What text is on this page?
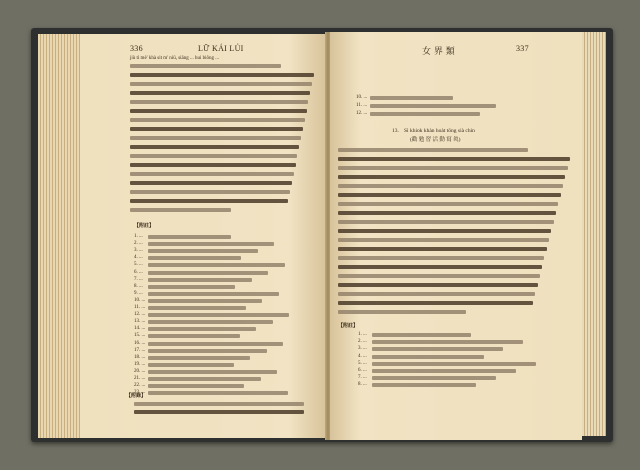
336	LỮ KÁI LỦI
jiù tì mè' khà sit m' niū, siāng ... hui biông ...
【附註】
1. ...
2. ...
3. ...
4. ...
5. ...
6. ...
7. ...
8. ...
9. ...
10. ...
11. ...
12. ...
13. ...
14. ...
15. ...
16. ...
17. ...
18. ...
19. ...
20. ...
21. ...
22. ...
23. ...
【附錄】
女 界 類	337
10. ...
11. ...
12. ...
13. Sì khiok khàn hoàt tōng sià chin
(勸 勉 習 活 動 寫 眞)
【附註】
1. ...
2. ...
3. ...
4. ...
5. ...
6. ...
7. ...
8. ...
